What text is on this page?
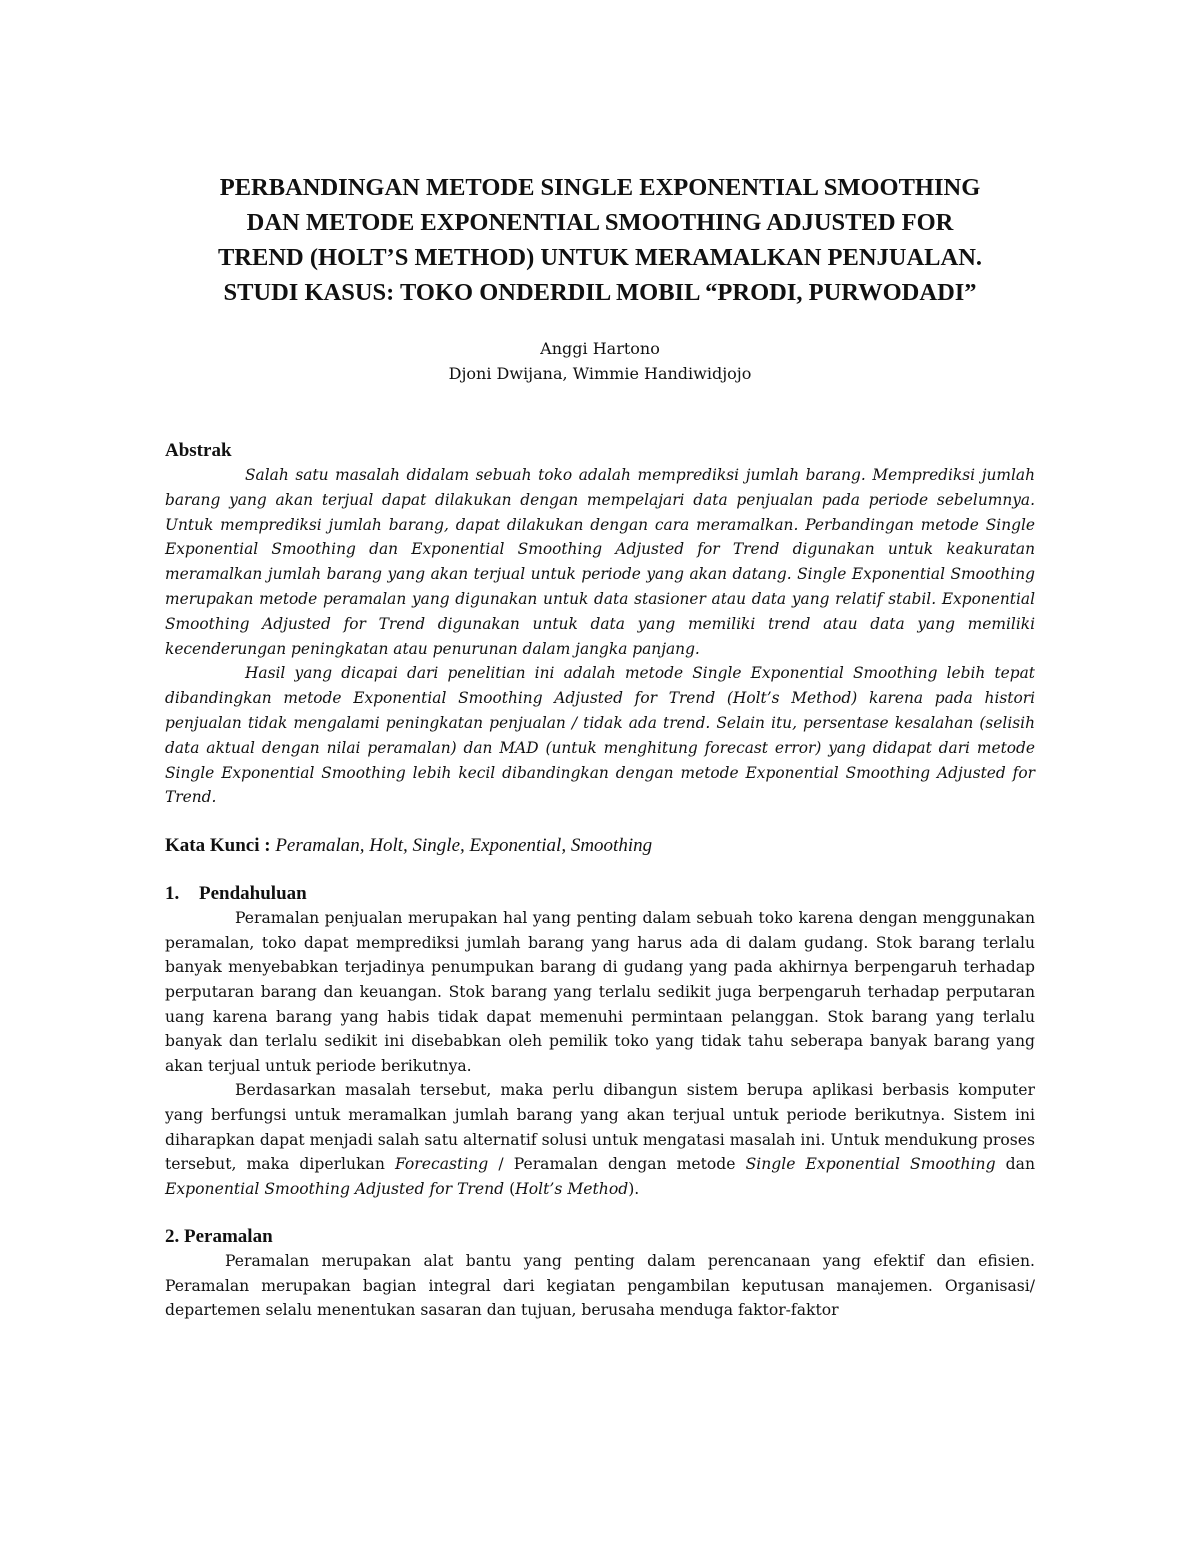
PERBANDINGAN METODE SINGLE EXPONENTIAL SMOOTHING
DAN METODE EXPONENTIAL SMOOTHING ADJUSTED FOR
TREND (HOLT’S METHOD) UNTUK MERAMALKAN PENJUALAN.
STUDI KASUS: TOKO ONDERDIL MOBIL “PRODI, PURWODADI”
Anggi Hartono
Djoni Dwijana, Wimmie Handiwidjojo
Abstrak

Salah satu masalah didalam sebuah toko adalah memprediksi jumlah barang. Memprediksi jumlah barang yang akan terjual dapat dilakukan dengan mempelajari data penjualan pada periode sebelumnya. Untuk memprediksi jumlah barang, dapat dilakukan dengan cara meramalkan. Perbandingan metode Single Exponential Smoothing dan Exponential Smoothing Adjusted for Trend digunakan untuk keakuratan meramalkan jumlah barang yang akan terjual untuk periode yang akan datang. Single Exponential Smoothing merupakan metode peramalan yang digunakan untuk data stasioner atau data yang relatif stabil. Exponential Smoothing Adjusted for Trend digunakan untuk data yang memiliki trend atau data yang memiliki kecenderungan peningkatan atau penurunan dalam jangka panjang.

Hasil yang dicapai dari penelitian ini adalah metode Single Exponential Smoothing lebih tepat dibandingkan metode Exponential Smoothing Adjusted for Trend (Holt’s Method) karena pada histori penjualan tidak mengalami peningkatan penjualan / tidak ada trend. Selain itu, persentase kesalahan (selisih data aktual dengan nilai peramalan) dan MAD (untuk menghitung forecast error) yang didapat dari metode Single Exponential Smoothing lebih kecil dibandingkan dengan metode Exponential Smoothing Adjusted for Trend.

Kata Kunci : Peramalan, Holt, Single, Exponential, Smoothing
1. Pendahuluan

Peramalan penjualan merupakan hal yang penting dalam sebuah toko karena dengan menggunakan peramalan, toko dapat memprediksi jumlah barang yang harus ada di dalam gudang. Stok barang terlalu banyak menyebabkan terjadinya penumpukan barang di gudang yang pada akhirnya berpengaruh terhadap perputaran barang dan keuangan. Stok barang yang terlalu sedikit juga berpengaruh terhadap perputaran uang karena barang yang habis tidak dapat memenuhi permintaan pelanggan. Stok barang yang terlalu banyak dan terlalu sedikit ini disebabkan oleh pemilik toko yang tidak tahu seberapa banyak barang yang akan terjual untuk periode berikutnya.

Berdasarkan masalah tersebut, maka perlu dibangun sistem berupa aplikasi berbasis komputer yang berfungsi untuk meramalkan jumlah barang yang akan terjual untuk periode berikutnya. Sistem ini diharapkan dapat menjadi salah satu alternatif solusi untuk mengatasi masalah ini. Untuk mendukung proses tersebut, maka diperlukan Forecasting / Peramalan dengan metode Single Exponential Smoothing dan Exponential Smoothing Adjusted for Trend (Holt’s Method).

2. Peramalan

Peramalan merupakan alat bantu yang penting dalam perencanaan yang efektif dan efisien. Peramalan merupakan bagian integral dari kegiatan pengambilan keputusan manajemen. Organisasi/ departemen selalu menentukan sasaran dan tujuan, berusaha menduga faktor-faktor
